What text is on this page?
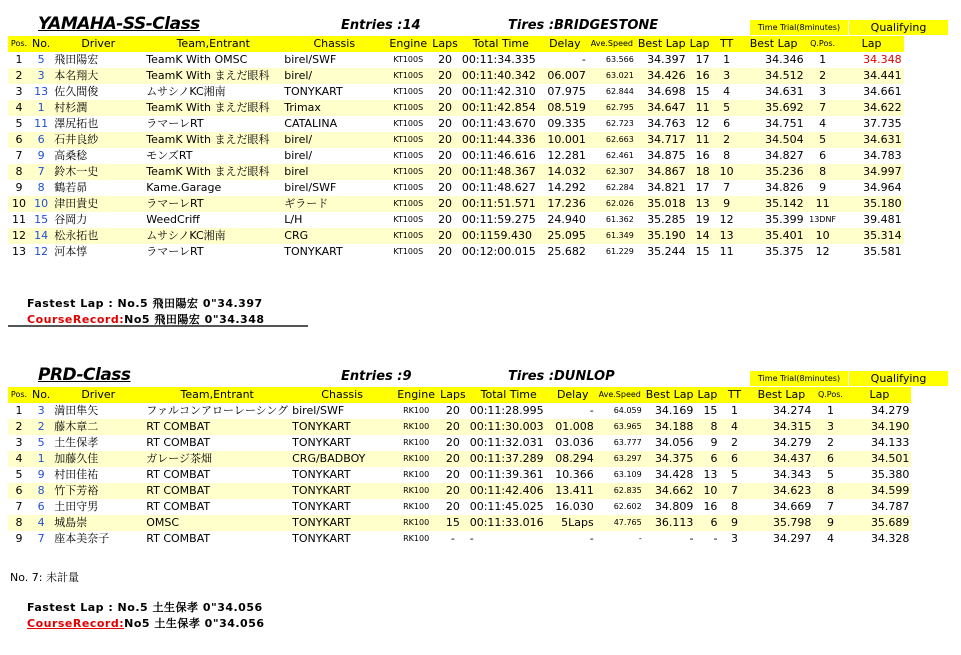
YAMAHA-SS-Class	Entries :14	Tires :BRIDGESTONE	Time Trial(8minutes)	Qualifying
Pos.	No.	Driver	Team,Entrant	Chassis	Engine	Laps	Total Time	Delay	Ave.Speed	Best Lap	Lap	TT	Best Lap	Q.Pos.	Lap
1	5	飛田陽宏	TeamK With OMSC	birel/SWF	KT100S	20	00:11:34.335	-	63.566	34.397	17	1	34.346	1	34.348
2	3	本名翔大	TeamK With まえだ眼科	birel/	KT100S	20	00:11:40.342	06.007	63.021	34.426	16	3	34.512	2	34.441
3	13	佐久間俊	ムサシノKC湘南	TONYKART	KT100S	20	00:11:42.310	07.975	62.844	34.698	15	4	34.631	3	34.661
4	1	村杉潤	TeamK With まえだ眼科	Trimax	KT100S	20	00:11:42.854	08.519	62.795	34.647	11	5	35.692	7	34.622
5	11	澤尻拓也	ラマーレRT	CATALINA	KT100S	20	00:11:43.670	09.335	62.723	34.763	12	6	34.751	4	37.735
6	6	石井良紗	TeamK With まえだ眼科	birel/	KT100S	20	00:11:44.336	10.001	62.663	34.717	11	2	34.504	5	34.631
7	9	高桑稔	モンズRT	birel/	KT100S	20	00:11:46.616	12.281	62.461	34.875	16	8	34.827	6	34.783
8	7	鈴木一史	TeamK With まえだ眼科	birel	KT100S	20	00:11:48.367	14.032	62.307	34.867	18	10	35.236	8	34.997
9	8	鶴若昴	Kame.Garage	birel/SWF	KT100S	20	00:11:48.627	14.292	62.284	34.821	17	7	34.826	9	34.964
10	10	津田貴史	ラマーレRT	ギラード	KT100S	20	00:11:51.571	17.236	62.026	35.018	13	9	35.142	11	35.180
11	15	谷岡力	WeedCriff	L/H	KT100S	20	00:11:59.275	24.940	61.362	35.285	19	12	35.399	13DNF	39.481
12	14	松永拓也	ムサシノKC湘南	CRG	KT100S	20	00:1159.430	25.095	61.349	35.190	14	13	35.401	10	35.314
13	12	河本惇	ラマーレRT	TONYKART	KT100S	20	00:12:00.015	25.682	61.229	35.244	15	11	35.375	12	35.581
Fastest Lap : No.5 飛田陽宏 0"34.397
CourseRecord:No5 飛田陽宏 0"34.348
PRD-Class	Entries :9	Tires :DUNLOP	Time Trial(8minutes)	Qualifying
Pos.	No.	Driver	Team,Entrant	Chassis	Engine	Laps	Total Time	Delay	Ave.Speed	Best Lap	Lap	TT	Best Lap	Q.Pos.	Lap
1	3	満田隼矢	ファルコンアローレーシング	birel/SWF	RK100	20	00:11:28.995	-	64.059	34.169	15	1	34.274	1	34.279
2	2	藤木章二	RT COMBAT	TONYKART	RK100	20	00:11:30.003	01.008	63.965	34.188	8	4	34.315	3	34.190
3	5	土生保孝	RT COMBAT	TONYKART	RK100	20	00:11:32.031	03.036	63.777	34.056	9	2	34.279	2	34.133
4	1	加藤久佳	ガレージ茶畑	CRG/BADBOY	RK100	20	00:11:37.289	08.294	63.297	34.375	6	6	34.437	6	34.501
5	9	村田佳祐	RT COMBAT	TONYKART	RK100	20	00:11:39.361	10.366	63.109	34.428	13	5	34.343	5	35.380
6	8	竹下芳裕	RT COMBAT	TONYKART	RK100	20	00:11:42.406	13.411	62.835	34.662	10	7	34.623	8	34.599
7	6	土田守男	RT COMBAT	TONYKART	RK100	20	00:11:45.025	16.030	62.602	34.809	16	8	34.669	7	34.787
8	4	城島崇	OMSC	TONYKART	RK100	15	00:11:33.016	5Laps	47.765	36.113	6	9	35.798	9	35.689
9	7	座本美奈子	RT COMBAT	TONYKART	RK100	-	-	-	-	-	-	3	34.297	4	34.328
No. 7: 未計量
Fastest Lap : No.5 土生保孝 0"34.056
CourseRecord:No5 土生保孝 0"34.056
